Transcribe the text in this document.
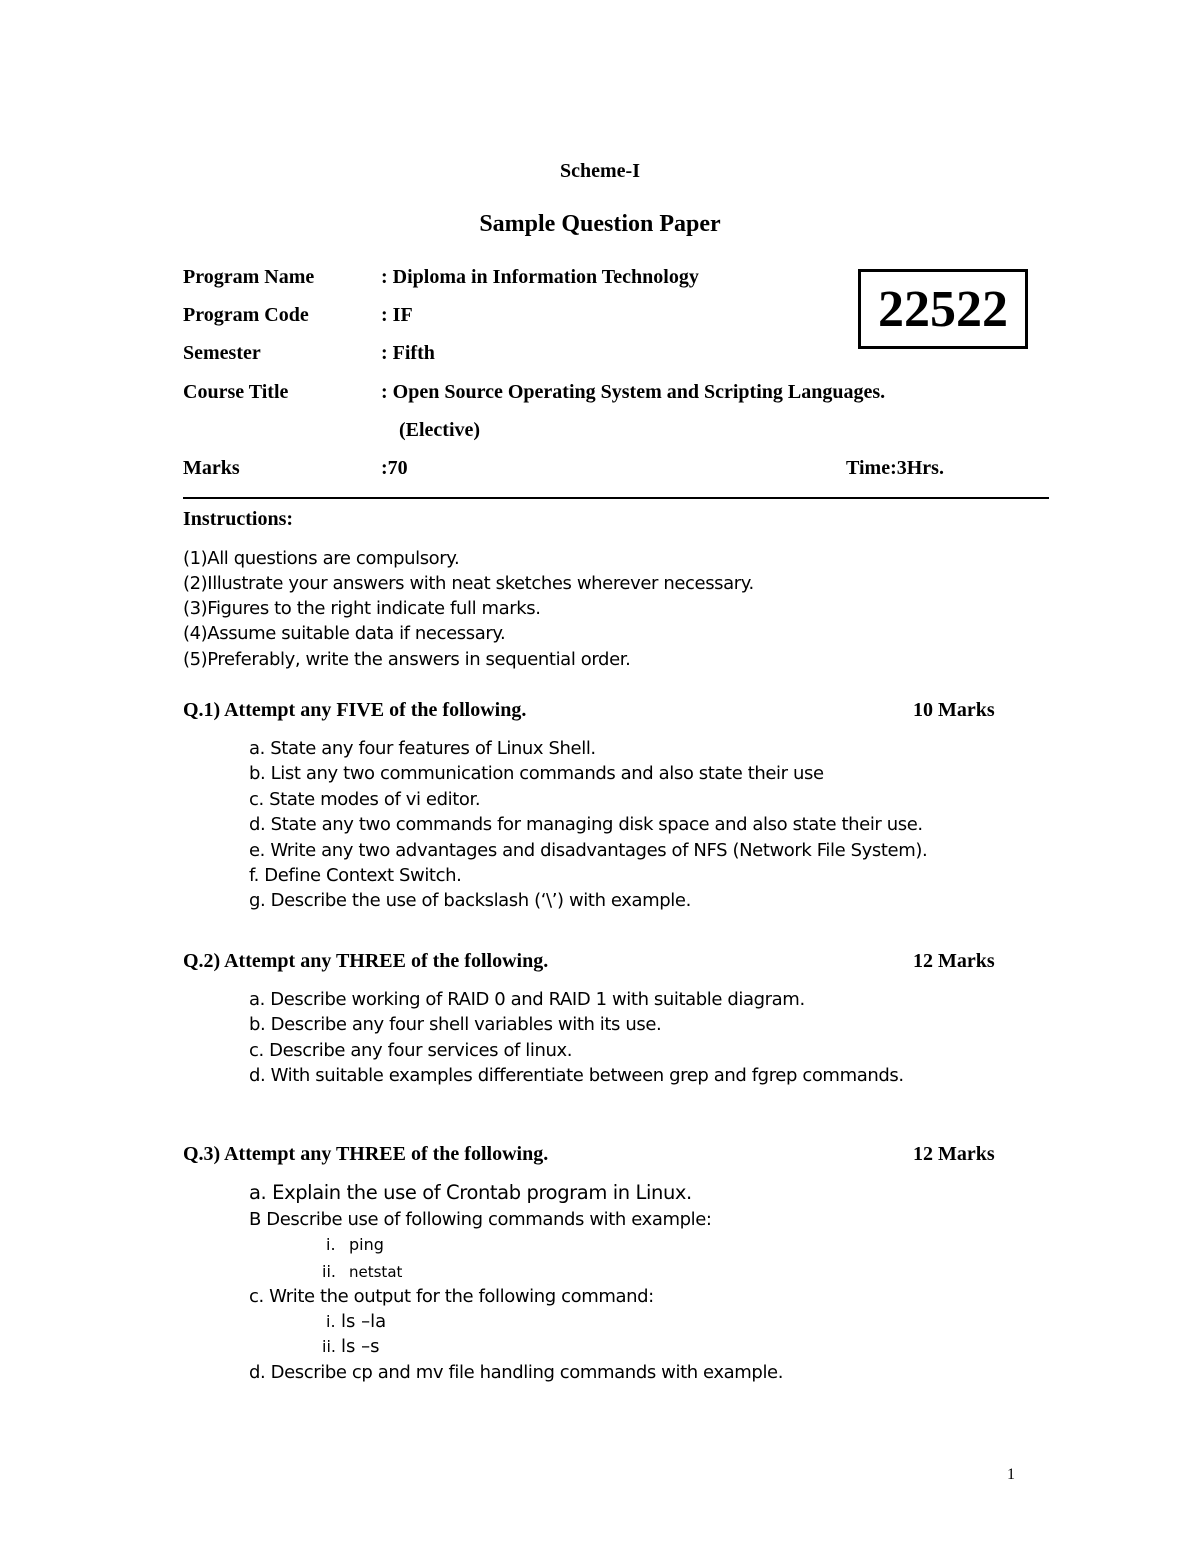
Scheme-I
Sample Question Paper
22522
Program Name	: Diploma in Information Technology
Program Code	: IF
Semester	: Fifth
Course Title	: Open Source Operating System and Scripting Languages.
(Elective)
Marks	:70	Time:3Hrs.
Instructions:
(1)All questions are compulsory.
(2)Illustrate your answers with neat sketches wherever necessary.
(3)Figures to the right indicate full marks.
(4)Assume suitable data if necessary.
(5)Preferably, write the answers in sequential order.
Q.1) Attempt any FIVE of the following.	10 Marks
a. State any four features of Linux Shell.
b. List any two communication commands and also state their use
c. State modes of vi editor.
d. State any two commands for managing disk space and also state their use.
e. Write any two advantages and disadvantages of NFS (Network File System).
f. Define Context Switch.
g. Describe the use of backslash (‘\’) with example.
Q.2) Attempt any THREE of the following.	12 Marks
a. Describe working of RAID 0 and RAID 1 with suitable diagram.
b. Describe any four shell variables with its use.
c. Describe any four services of linux.
d. With suitable examples differentiate between grep and fgrep commands.
Q.3) Attempt any THREE of the following.	12 Marks
a. Explain the use of Crontab program in Linux.
B Describe use of following commands with example:
i. ping
ii. netstat
c. Write the output for the following command:
i. ls –la
ii. ls –s
d. Describe cp and mv file handling commands with example.
1
